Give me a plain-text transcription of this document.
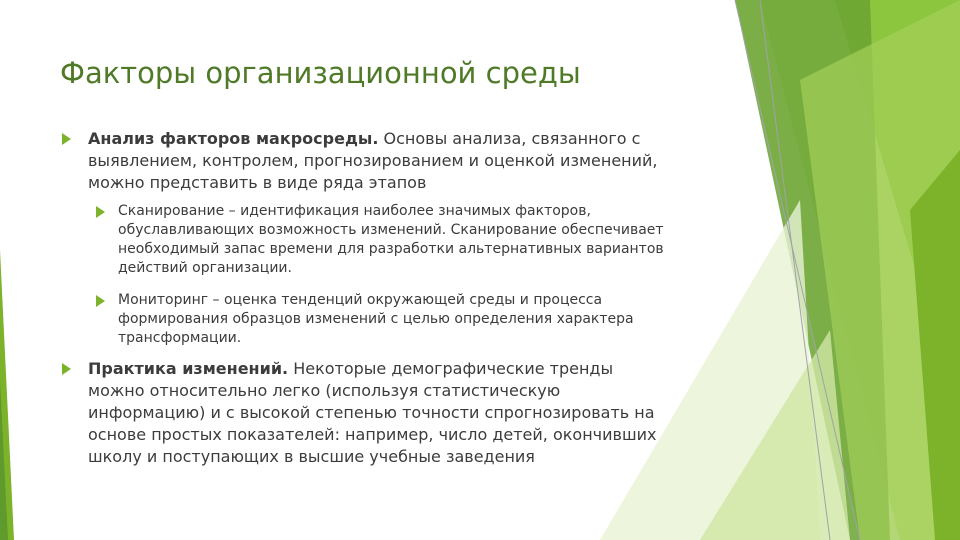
Факторы организационной среды
Анализ факторов макросреды. Основы анализа, связанного с выявлением, контролем, прогнозированием и оценкой изменений, можно представить в виде ряда этапов
Сканирование – идентификация наиболее значимых факторов, обуславливающих возможность изменений. Сканирование обеспечивает необходимый запас времени для разработки альтернативных вариантов действий организации.
Мониторинг – оценка тенденций окружающей среды и процесса формирования образцов изменений с целью определения характера трансформации.
Практика изменений. Некоторые демографические тренды можно относительно легко (используя статистическую информацию) и с высокой степенью точности спрогнозировать на основе простых показателей: например, число детей, окончивших школу и поступающих в высшие учебные заведения
